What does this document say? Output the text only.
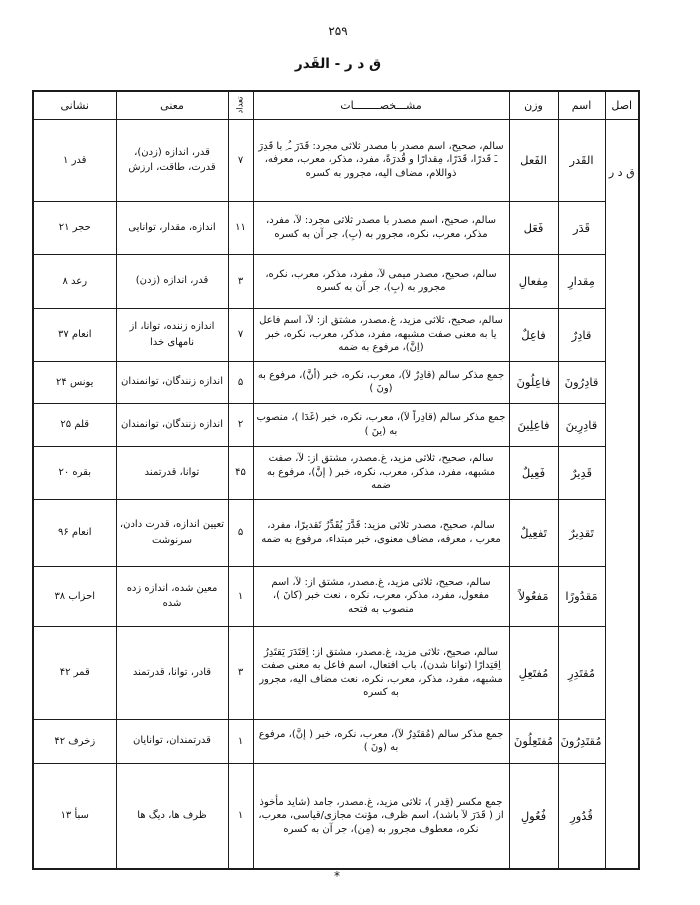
۲۵۹
ق د ر - القَدر
اصل	اسم	وزن	مشـــخصــــــــات	تعداد	معنی	نشانی
ق د ر	القَدر	الفَعل	سالم، صحیح، اسم مصدر با مصدر ثلاثی مجرد: قَدَرَ ـُ ِ با قَدِرَ ـَ قَدرًا، قَدَرًا، مِقدارًا و قُدرَةً، مفرد، مذکر، معرب، معرفه، ذواللام، مضاف الیه، مجرور به کسره	۷	قدر، اندازه (زدن)، قدرت، طاقت، ارزش	قدر ۱
	قَدَر	فَعَل	سالم، صحیح، اسم مصدر با مصدر ثلاثی مجرد: ﻵ، مفرد، مذکر، معرب، نکره، مجرور به (بِ)، جر آن به کسره	۱۱	اندازه، مقدار، توانایی	حجر ۲۱
	مِقدارِ	مِفعالِ	سالم، صحیح، مصدر میمی ﻵ، مفرد، مذکر، معرب، نکره، مجرور به (بِ)، جر آن به کسره	۳	قدر، اندازه (زدن)	رعد ۸
	قادِرٌ	فاعِلٌ	سالم، صحیح، ثلاثی مزید، غ.مصدر، مشتق از: ﻵ، اسم فاعل یا به معنی صفت مشبهه، مفرد، مذکر، معرب، نکره، خبر (اِنَّ)، مرفوع به ضمه	۷	اندازه زننده، توانا، از نامهای خدا	انعام ۳۷
	قادِرُونَ	فاعِلُونَ	جمع مذکر سالم (قادِرٌ ﻵ)، معرب، نکره، خبر (أنَّ)، مرفوع به (ونَ )	۵	اندازه زنندگان، توانمندان	یونس ۲۴
	قادِرِینَ	فاعِلِینَ	جمع مذکر سالم (قادِراً ﻵ)، معرب، نکره، خبر (غَدَا )، منصوب به (ینَ )	۲	اندازه زنندگان، توانمندان	قلم ۲۵
	قَدِیرٌ	فَعِیلٌ	سالم، صحیح، ثلاثی مزید، غ.مصدر، مشتق از: ﻵ، صفت مشبهه، مفرد، مذکر، معرب، نکره، خبر ( إنَّ)، مرفوع به ضمه	۴۵	توانا، قدرتمند	بقره ۲۰
	تَقدِیرٌ	تَفعِیلٌ	سالم، صحیح، مصدر ثلاثی مزید: قَدَّرَ یُقَدِّرُ تَقدیرًا، مفرد، معرب ، معرفه، مضاف معنوی، خبر مبتداء، مرفوع به ضمه	۵	تعیین اندازه، قدرت دادن، سرنوشت	انعام ۹۶
	مَقدُورًا	مَفعُولاً	سالم، صحیح، ثلاثی مزید، غ.مصدر، مشتق از: ﻵ، اسم مفعول، مفرد، مذکر، معرب، نکره ، نعت خبر (کانَ )، منصوب به فتحه	۱	معین شده، اندازه زده شده	احزاب ۳۸
	مُقتَدِرِ	مُفتَعِلِ	سالم، صحیح، ثلاثی مزید، غ.مصدر، مشتق از: اِقتَدَرَ یَقتَدِرُ اِقتِدارًا (توانا شدن)، باب افتعال، اسم فاعل به معنی صفت مشبهه، مفرد، مذکر، معرب، نکره، نعت مضاف الیه، مجرور به کسره	۳	قادر، توانا، قدرتمند	قمر ۴۲
	مُقتَدِرُونَ	مُفتَعِلُونَ	جمع مذکر سالم (مُقتَدِرٌ ﻵ)، معرب، نکره، خبر ( إنَّ)، مرفوع به (ونَ )	۱	قدرتمندان، توانایان	زخرف ۴۲
	قُدُورِ	فُعُولِ	جمع مکسر (قِدر )، ثلاثی مزید، غ.مصدر، جامد (شاید مأخوذ از ( قَدَرَ ﻵ باشد)، اسم ظرف، مؤنث مجازی/قیاسی، معرب، نکره، معطوف مجرور به (مِن)، جر آن به کسره	۱	ظرف ها، دیگ ها	سبأ ۱۳
*
